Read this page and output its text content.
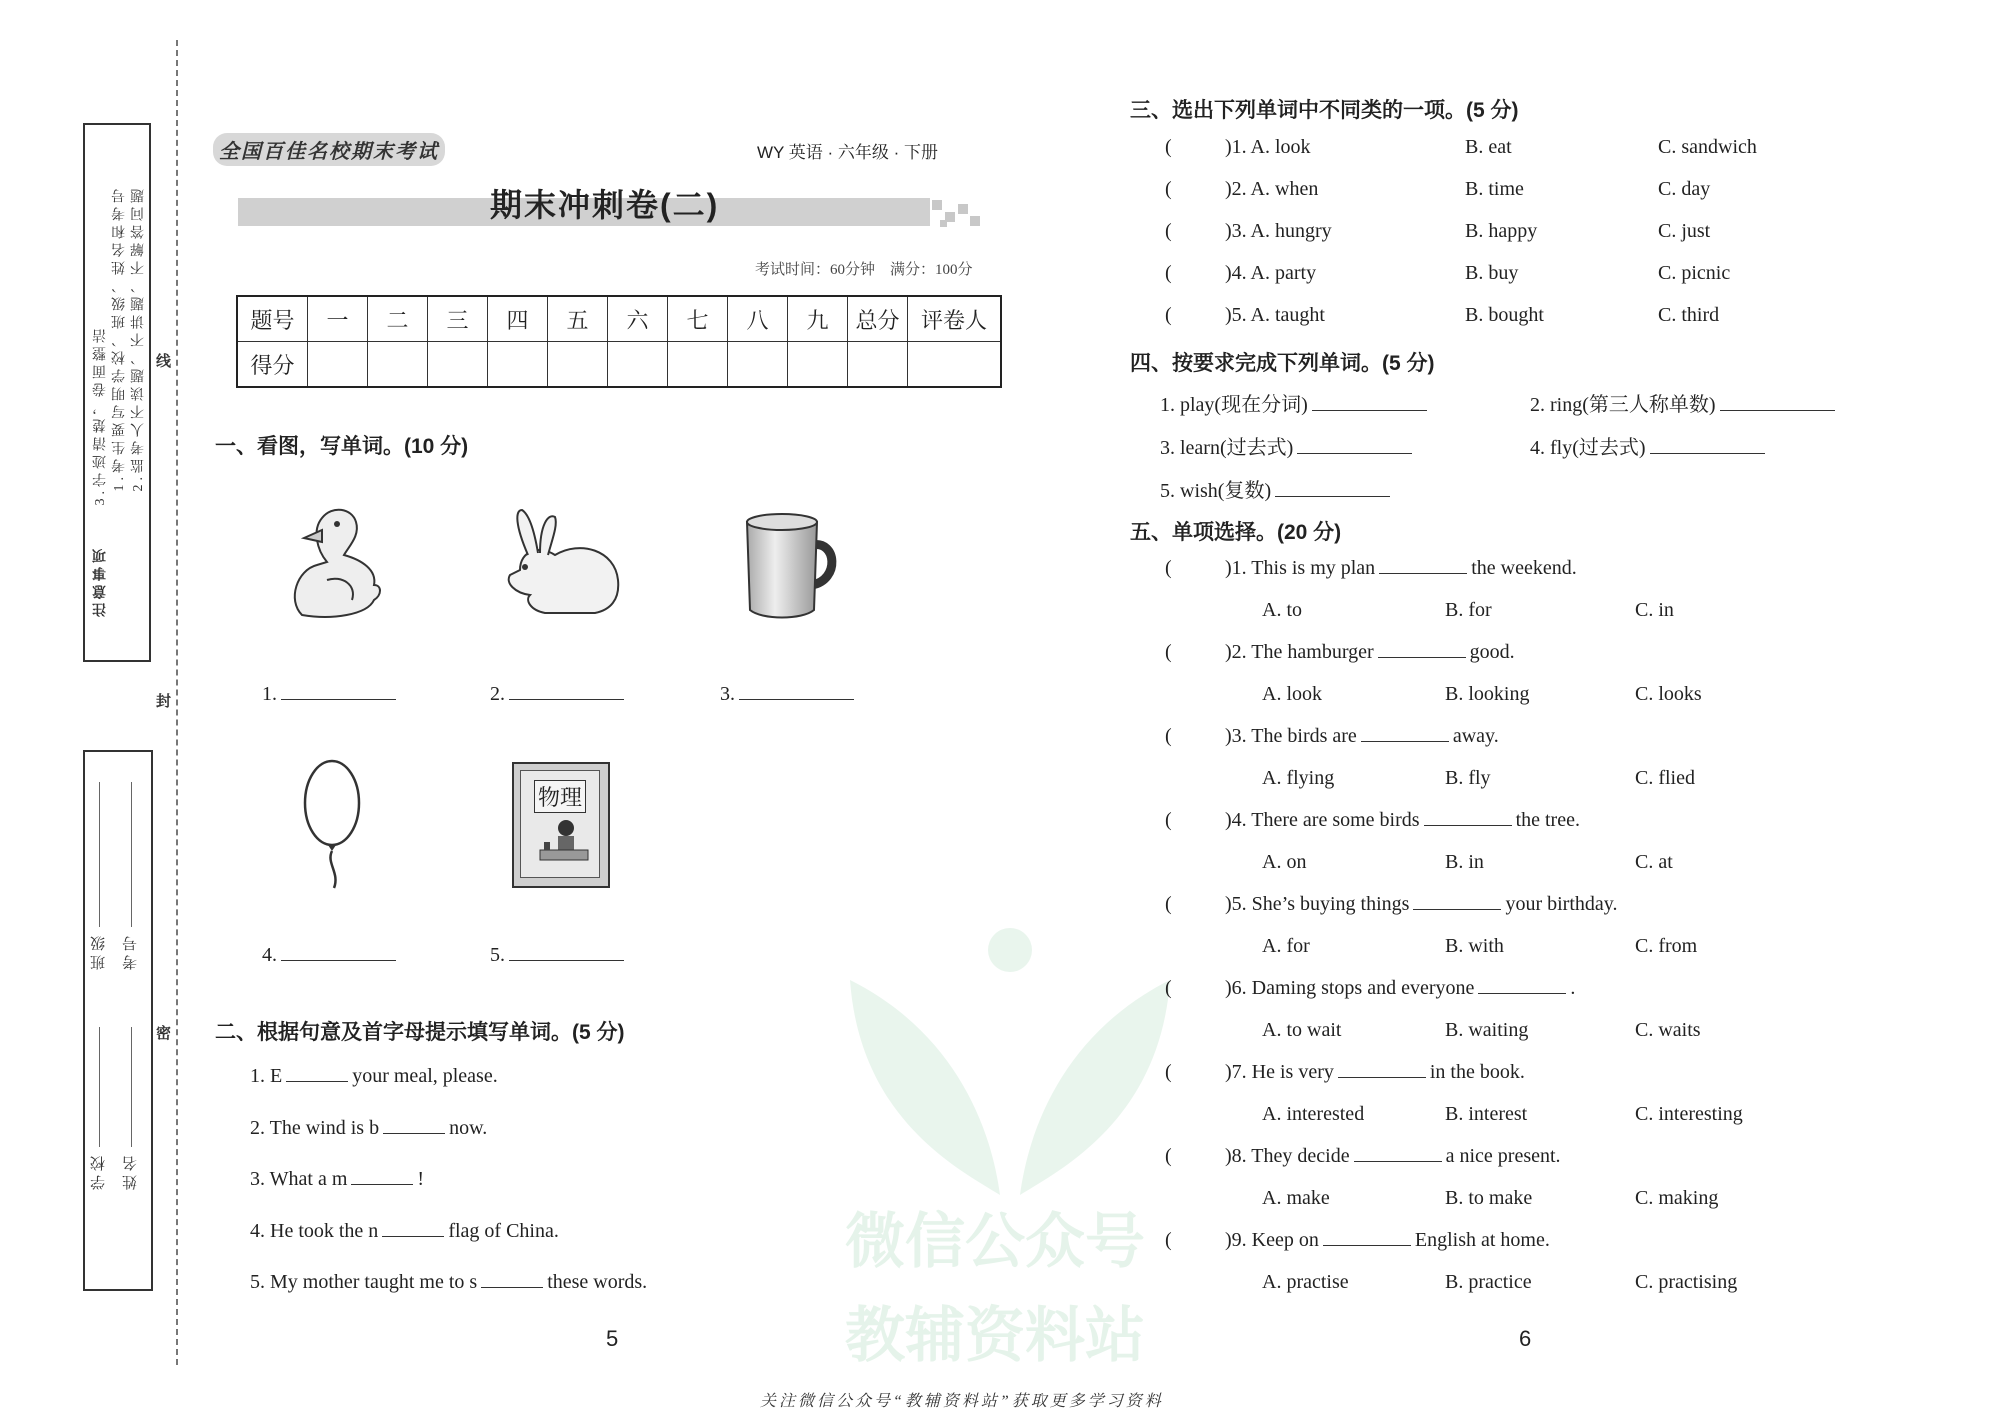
微信公众号
教辅资料站
注意事项
1.考生要写明学校、班级、姓名和考号 2.监考人不读题、不讲题、不解答问题
3.字迹清楚，卷面整洁	线
封
密
学校
班级
姓名
考号
全国百佳名校期末考试	WY 英语 · 六年级 · 下册
期末冲刺卷(二)
考试时间：60分钟　满分：100分
题号	一	二	三	四	五	六	七	八	九	总分	评卷人
得分											
一、看图，写单词。(10 分)
1.	2.	3.
物理
4.	5.
二、根据句意及首字母提示填写单词。(5 分)
1. E	your meal, please.
2. The wind is b	now.
3. What a m	!
4. He took the n	flag of China.
5. My mother taught me to s	these words.
5
三、选出下列单词中不同类的一项。(5 分)
(	)1. A. look	B. eat	C. sandwich
(	)2. A. when	B. time	C. day
(	)3. A. hungry	B. happy	C. just
(	)4. A. party	B. buy	C. picnic
(	)5. A. taught	B. bought	C. third
四、按要求完成下列单词。(5 分)
1. play(现在分词)	2. ring(第三人称单数)
3. learn(过去式)	4. fly(过去式)
5. wish(复数)
五、单项选择。(20 分)
(	)1. This is my plan	the weekend.
A. to	B. for	C. in
(	)2. The hamburger	good.
A. look	B. looking	C. looks
(	)3. The birds are	away.
A. flying	B. fly	C. flied
(	)4. There are some birds	the tree.
A. on	B. in	C. at
(	)5. She’s buying things	your birthday.
A. for	B. with	C. from
(	)6. Daming stops and everyone	.
A. to wait	B. waiting	C. waits
(	)7. He is very	in the book.
A. interested	B. interest	C. interesting
(	)8. They decide	a nice present.
A. make	B. to make	C. making
(	)9. Keep on	English at home.
A. practise	B. practice	C. practising
6
关注微信公众号“教辅资料站”获取更多学习资料
